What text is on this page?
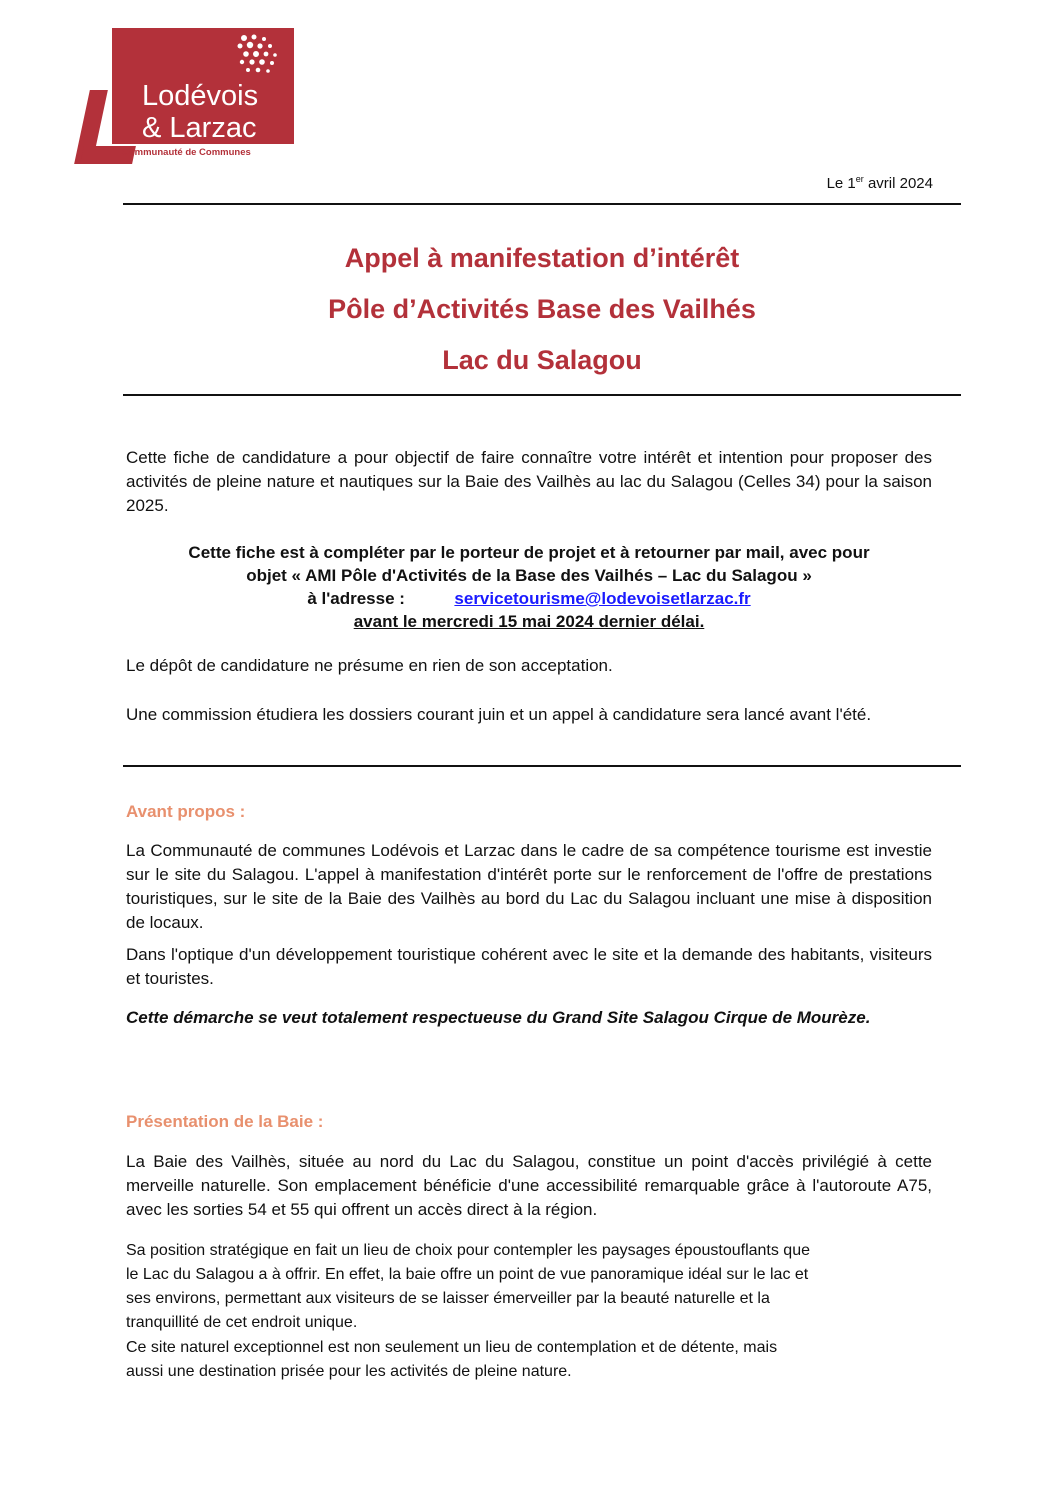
Lodévois
& Larzac
Communauté de Communes
Le 1er avril 2024
Appel à manifestation d’intérêt
Pôle d’Activités Base des Vailhés
Lac du Salagou
Cette fiche de candidature a pour objectif de faire connaître votre intérêt et intention pour proposer des activités de pleine nature et nautiques sur la Baie des Vailhès au lac du Salagou (Celles 34) pour la saison 2025.
Cette fiche est à compléter par le porteur de projet et à retourner par mail, avec pour
objet « AMI Pôle d'Activités de la Base des Vailhés – Lac du Salagou »
à l'adresse :	servicetourisme@lodevoisetlarzac.fr
avant le mercredi 15 mai 2024 dernier délai.
Le dépôt de candidature ne présume en rien de son acceptation.
Une commission étudiera les dossiers courant juin et un appel à candidature sera lancé avant l'été.
Avant propos :
La Communauté de communes Lodévois et Larzac dans le cadre de sa compétence tourisme est investie sur le site du Salagou. L'appel à manifestation d'intérêt porte sur le renforcement de l'offre de prestations touristiques, sur le site de la Baie des Vailhès au bord du Lac du Salagou incluant une mise à disposition de locaux.
Dans l'optique d'un développement touristique cohérent avec le site et la demande des habitants, visiteurs et touristes.
Cette démarche se veut totalement respectueuse du Grand Site Salagou Cirque de Mourèze.
Présentation de la Baie :
La Baie des Vailhès, située au nord du Lac du Salagou, constitue un point d'accès privilégié à cette merveille naturelle. Son emplacement bénéficie d'une accessibilité remarquable grâce à l'autoroute A75, avec les sorties 54 et 55 qui offrent un accès direct à la région.
Sa position stratégique en fait un lieu de choix pour contempler les paysages époustouflants que
le Lac du Salagou a à offrir. En effet, la baie offre un point de vue panoramique idéal sur le lac et
ses environs, permettant aux visiteurs de se laisser émerveiller par la beauté naturelle et la
tranquillité de cet endroit unique.
Ce site naturel exceptionnel est non seulement un lieu de contemplation et de détente, mais
aussi une destination prisée pour les activités de pleine nature.
